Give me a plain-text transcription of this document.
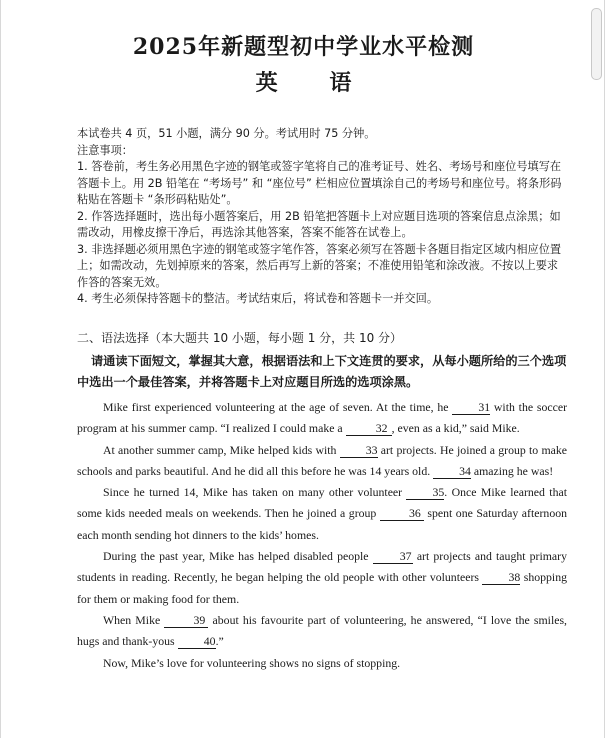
2025年新题型初中学业水平检测
英 语

本试卷共 4 页，51 小题，满分 90 分。考试用时 75 分钟。

注意事项：

1. 答卷前，考生务必用黑色字迹的钢笔或签字笔将自己的准考证号、姓名、考场号和座位号填写在答题卡上。用 2B 铅笔在 “考场号” 和 “座位号” 栏相应位置填涂自己的考场号和座位号。将条形码粘贴在答题卡 “条形码粘贴处”。

2. 作答选择题时，选出每小题答案后，用 2B 铅笔把答题卡上对应题目选项的答案信息点涂黑；如需改动，用橡皮擦干净后，再选涂其他答案，答案不能答在试卷上。

3. 非选择题必须用黑色字迹的钢笔或签字笔作答，答案必须写在答题卡各题目指定区域内相应位置上；如需改动，先划掉原来的答案，然后再写上新的答案；不准使用铅笔和涂改液。不按以上要求作答的答案无效。

4. 考生必须保持答题卡的整洁。考试结束后，将试卷和答题卡一并交回。

二、语法选择（本大题共 10 小题，每小题 1 分，共 10 分）
请通读下面短文，掌握其大意，根据语法和上下文连贯的要求，从每小题所给的三个选项中选出一个最佳答案，并将答题卡上对应题目所选的选项涂黑。

Mike first experienced volunteering at the age of seven. At the time, he	31 with the soccer program at his summer camp. “I realized I could make a	32 , even as a kid,” said Mike.

At another summer camp, Mike helped kids with 33 art projects. He joined a group to make schools and parks beautiful. And he did all this before he was 14 years old. 34 amazing he was!

Since he turned 14, Mike has taken on many other volunteer	35. Once Mike learned that some kids needed meals on weekends. Then he joined a group	36 spent one Saturday afternoon each month sending hot dinners to the kids’ homes.

During the past year, Mike has helped disabled people	37 art projects and taught primary students in reading. Recently, he began helping the old people with other volunteers 38 shopping for them or making food for them.

When Mike	39 about his favourite part of volunteering, he answered, “I love the smiles, hugs and thank-yous 40.”

Now, Mike’s love for volunteering shows no signs of stopping.
